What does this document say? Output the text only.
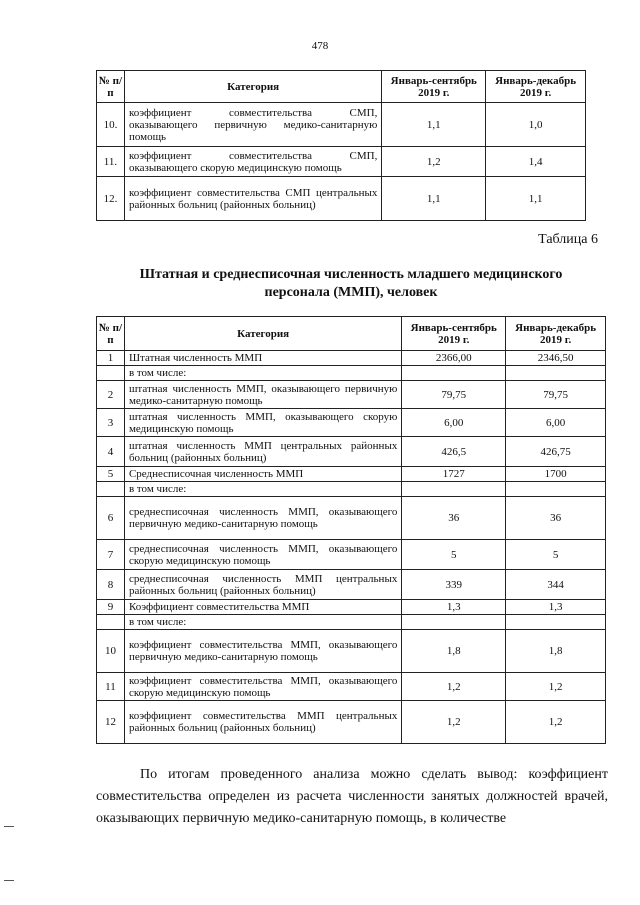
478
№ п/п	Категория	Январь-сентябрь 2019 г.	Январь-декабрь 2019 г.
10.	коэффициент совместительства СМП, оказывающего первичную медико-санитарную помощь	1,1	1,0
11.	коэффициент совместительства СМП, оказывающего скорую медицинскую помощь	1,2	1,4
12.	коэффициент совместительства СМП центральных районных больниц (районных больниц)	1,1	1,1
Таблица 6
Штатная и среднесписочная численность младшего медицинского
персонала (ММП), человек
№ п/п	Категория	Январь-сентябрь 2019 г.	Январь-декабрь 2019 г.
1	Штатная численность ММП	2366,00	2346,50
	в том числе:		
2	штатная численность ММП, оказывающего первичную медико-санитарную помощь	79,75	79,75
3	штатная численность ММП, оказывающего скорую медицинскую помощь	6,00	6,00
4	штатная численность ММП центральных районных больниц (районных больниц)	426,5	426,75
5	Среднесписочная численность ММП	1727	1700
	в том числе:		
6	среднесписочная численность ММП, оказывающего первичную медико-санитарную помощь	36	36
7	среднесписочная численность ММП, оказывающего скорую медицинскую помощь	5	5
8	среднесписочная численность ММП центральных районных больниц (районных больниц)	339	344
9	Коэффициент совместительства ММП	1,3	1,3
	в том числе:		
10	коэффициент совместительства ММП, оказывающего первичную медико-санитарную помощь	1,8	1,8
11	коэффициент совместительства ММП, оказывающего скорую медицинскую помощь	1,2	1,2
12	коэффициент совместительства ММП центральных районных больниц (районных больниц)	1,2	1,2
По итогам проведенного анализа можно сделать вывод: коэффициент совместительства определен из расчета численности занятых должностей врачей, оказывающих первичную медико-санитарную помощь, в количестве
